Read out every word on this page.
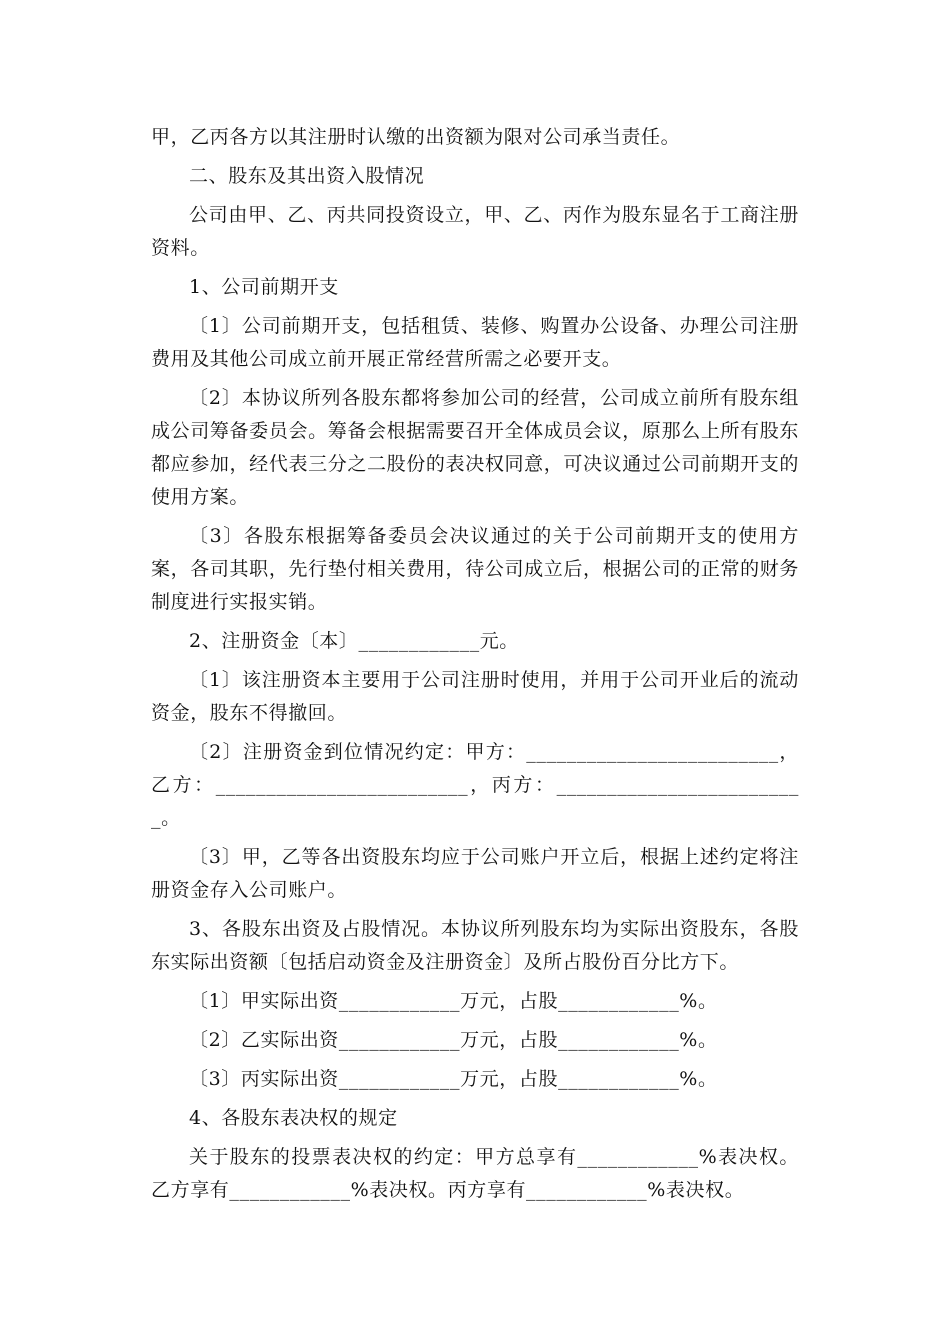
甲，乙丙各方以其注册时认缴的出资额为限对公司承当责任。

二、股东及其出资入股情况

公司由甲、乙、丙共同投资设立，甲、乙、丙作为股东显名于工商注册资料。

1、公司前期开支

〔1〕公司前期开支，包括租赁、装修、购置办公设备、办理公司注册费用及其他公司成立前开展正常经营所需之必要开支。

〔2〕本协议所列各股东都将参加公司的经营，公司成立前所有股东组成公司筹备委员会。筹备会根据需要召开全体成员会议，原那么上所有股东都应参加，经代表三分之二股份的表决权同意，可决议通过公司前期开支的使用方案。

〔3〕各股东根据筹备委员会决议通过的关于公司前期开支的使用方案，各司其职，先行垫付相关费用，待公司成立后，根据公司的正常的财务制度进行实报实销。

2、注册资金〔本〕____________元。

〔1〕该注册资本主要用于公司注册时使用，并用于公司开业后的流动资金，股东不得撤回。

〔2〕注册资金到位情况约定：甲方：_________________________，乙方：_________________________，丙方：_________________________。

〔3〕甲，乙等各出资股东均应于公司账户开立后，根据上述约定将注册资金存入公司账户。

3、各股东出资及占股情况。本协议所列股东均为实际出资股东，各股东实际出资额〔包括启动资金及注册资金〕及所占股份百分比方下。

〔1〕甲实际出资____________万元，占股____________%。

〔2〕乙实际出资____________万元，占股____________%。

〔3〕丙实际出资____________万元，占股____________%。

4、各股东表决权的规定

关于股东的投票表决权的约定：甲方总享有____________%表决权。乙方享有____________%表决权。丙方享有____________%表决权。
